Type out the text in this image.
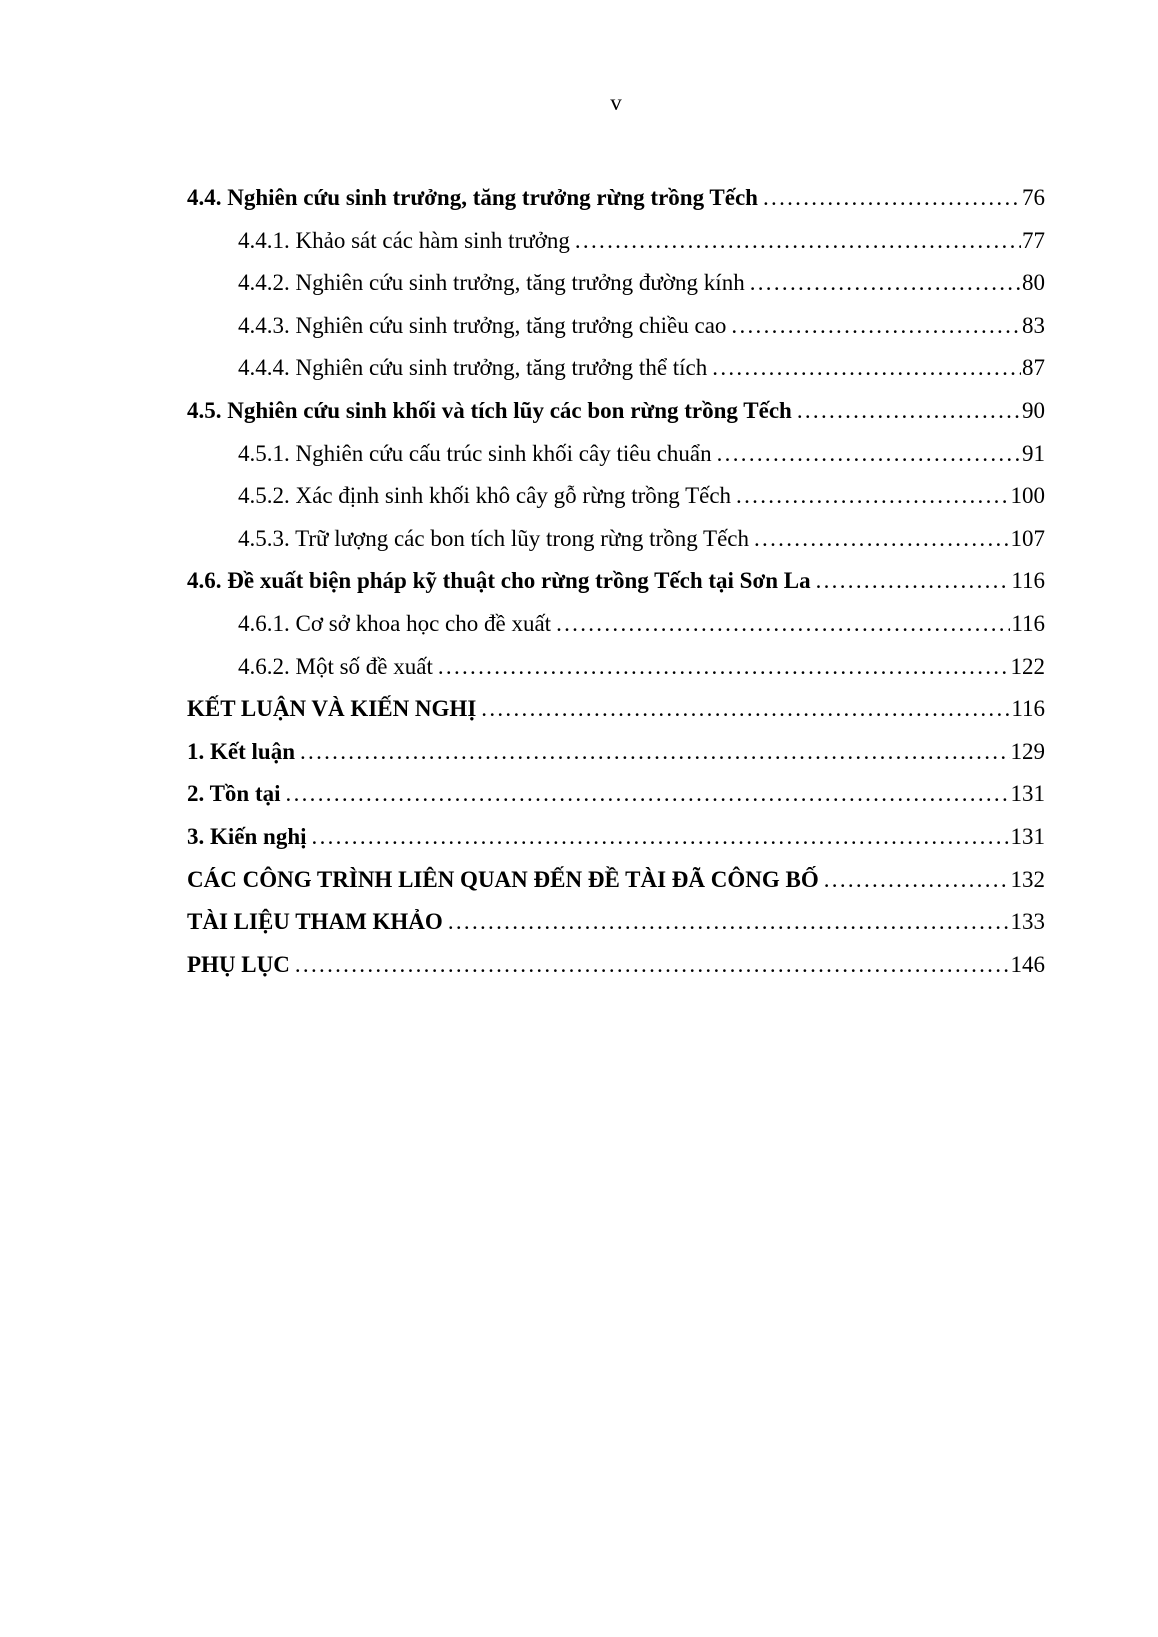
v
4.4. Nghiên cứu sinh trưởng, tăng trưởng rừng trồng Tếch .....	76
4.4.1. Khảo sát các hàm sinh trưởng .....	77
4.4.2. Nghiên cứu sinh trưởng, tăng trưởng đường kính .....	80
4.4.3. Nghiên cứu sinh trưởng, tăng trưởng chiều cao .....	83
4.4.4. Nghiên cứu sinh trưởng, tăng trưởng thể tích .....	87
4.5. Nghiên cứu sinh khối và tích lũy các bon rừng trồng Tếch .....	90
4.5.1. Nghiên cứu cấu trúc sinh khối cây tiêu chuẩn .....	91
4.5.2. Xác định sinh khối khô cây gỗ rừng trồng Tếch .....	100
4.5.3. Trữ lượng các bon tích lũy trong rừng trồng Tếch .....	107
4.6. Đề xuất biện pháp kỹ thuật cho rừng trồng Tếch tại Sơn La .....	116
4.6.1. Cơ sở khoa học cho đề xuất .....	116
4.6.2. Một số đề xuất .....	122
KẾT LUẬN VÀ KIẾN NGHỊ .....	116
1. Kết luận .....	129
2. Tồn tại .....	131
3. Kiến nghị .....	131
CÁC CÔNG TRÌNH LIÊN QUAN ĐẾN ĐỀ TÀI ĐÃ CÔNG BỐ .....	132
TÀI LIỆU THAM KHẢO .....	133
PHỤ LỤC .....	146
